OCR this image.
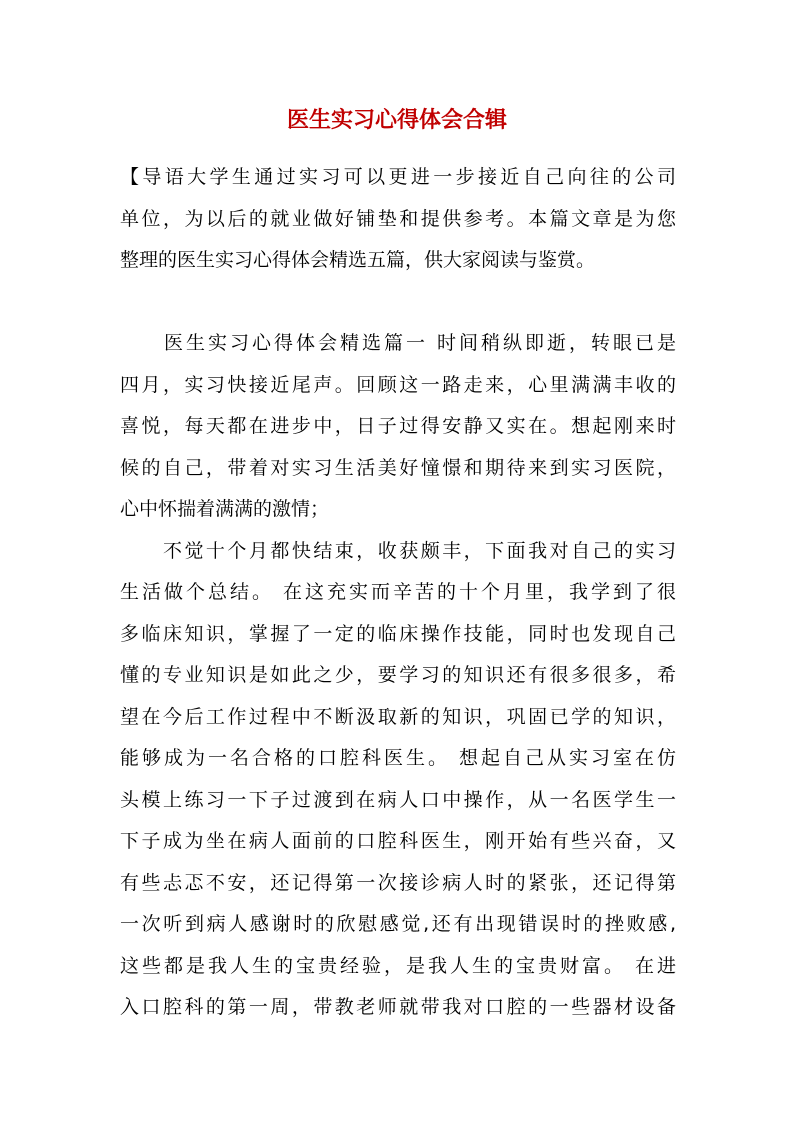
医生实习心得体会合辑
【导语大学生通过实习可以更进一步接近自己向往的公司
单位，为以后的就业做好铺垫和提供参考。本篇文章是为您
整理的医生实习心得体会精选五篇，供大家阅读与鉴赏。
　　医生实习心得体会精选篇一 时间稍纵即逝，转眼已是
四月，实习快接近尾声。回顾这一路走来，心里满满丰收的
喜悦，每天都在进步中，日子过得安静又实在。想起刚来时
候的自己，带着对实习生活美好憧憬和期待来到实习医院，
心中怀揣着满满的激情；
　　不觉十个月都快结束，收获颇丰，下面我对自己的实习
生活做个总结。 在这充实而辛苦的十个月里，我学到了很
多临床知识，掌握了一定的临床操作技能，同时也发现自己
懂的专业知识是如此之少，要学习的知识还有很多很多，希
望在今后工作过程中不断汲取新的知识，巩固已学的知识，
能够成为一名合格的口腔科医生。 想起自己从实习室在仿
头模上练习一下子过渡到在病人口中操作，从一名医学生一
下子成为坐在病人面前的口腔科医生，刚开始有些兴奋，又
有些忐忑不安，还记得第一次接诊病人时的紧张，还记得第
一次听到病人感谢时的欣慰感觉,还有出现错误时的挫败感,
这些都是我人生的宝贵经验，是我人生的宝贵财富。 在进
入口腔科的第一周，带教老师就带我对口腔的一些器材设备
